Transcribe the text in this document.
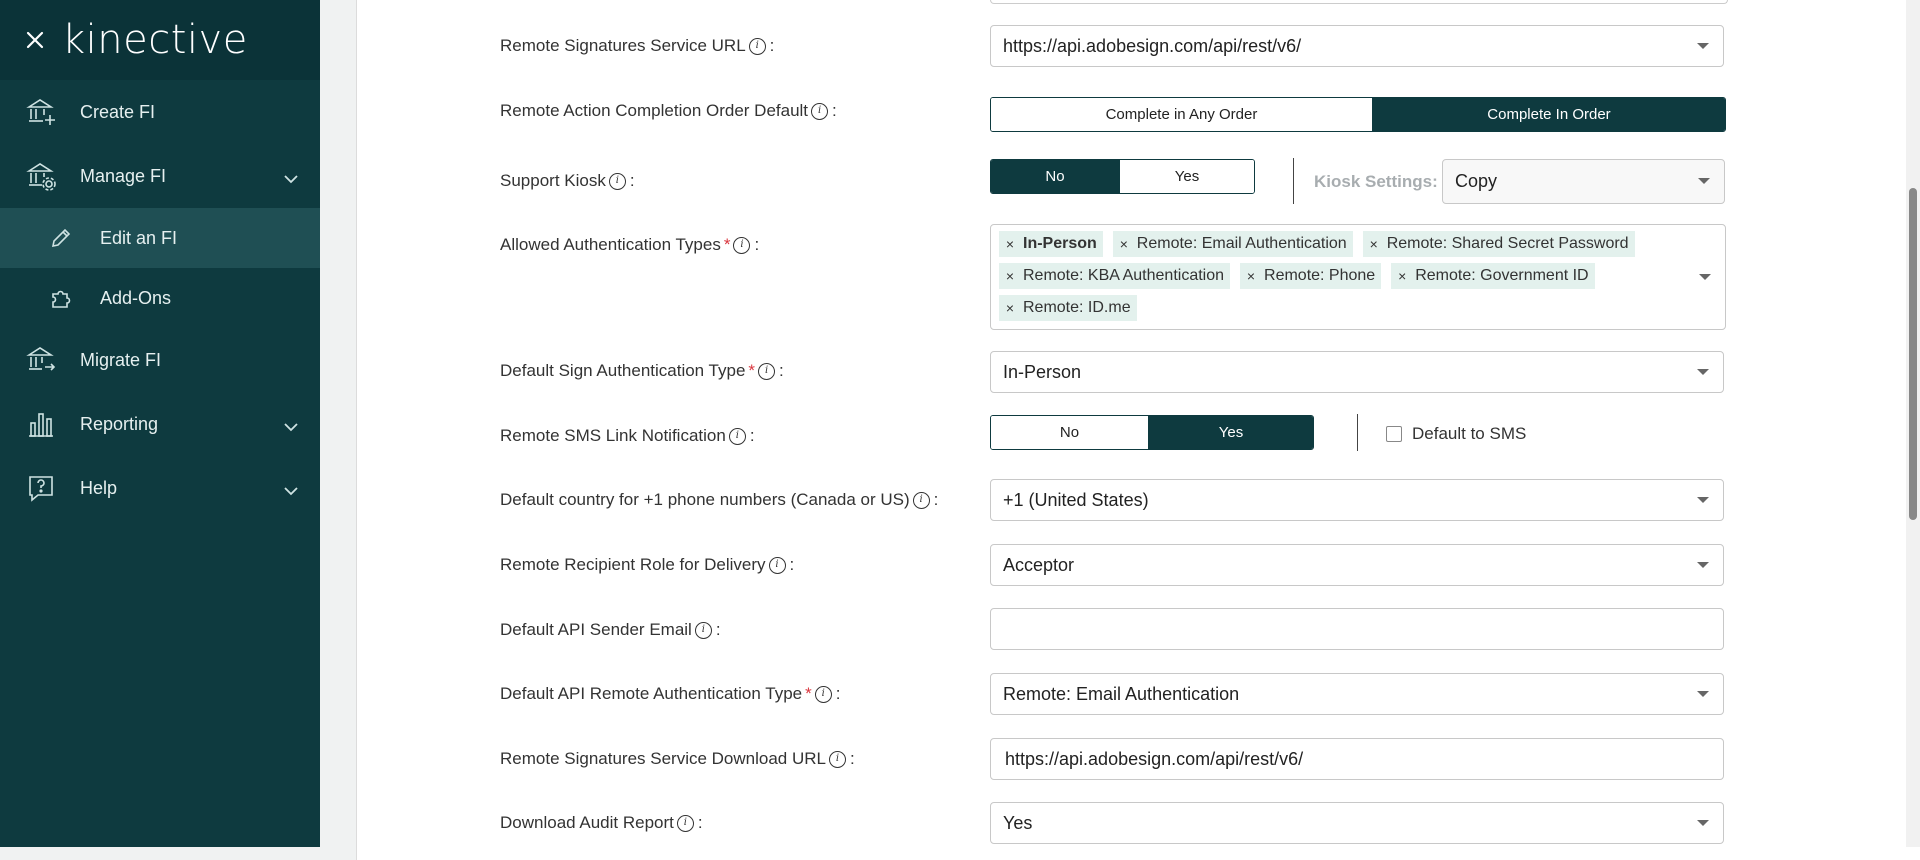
kinective
Create FI
Manage FI
Edit an FI
Add-Ons
Migrate FI
Reporting
Help
Remote Signatures Service URL i :	https://api.adobesign.com/api/rest/v6/
Remote Action Completion Order Default i :	Complete in Any Order	Complete In Order
Support Kiosk i :	No	Yes	Kiosk Settings: Copy
Allowed Authentication Types * i :	× In-Person	× Remote: Email Authentication	× Remote: Shared Secret Password
× Remote: KBA Authentication	× Remote: Phone	× Remote: Government ID
× Remote: ID.me
Default Sign Authentication Type * i :	In-Person
Remote SMS Link Notification i :	No	Yes	Default to SMS
Default country for +1 phone numbers (Canada or US) i :	+1 (United States)
Remote Recipient Role for Delivery i :	Acceptor
Default API Sender Email i :
Default API Remote Authentication Type * i :	Remote: Email Authentication
Remote Signatures Service Download URL i :	https://api.adobesign.com/api/rest/v6/
Download Audit Report i :	Yes
